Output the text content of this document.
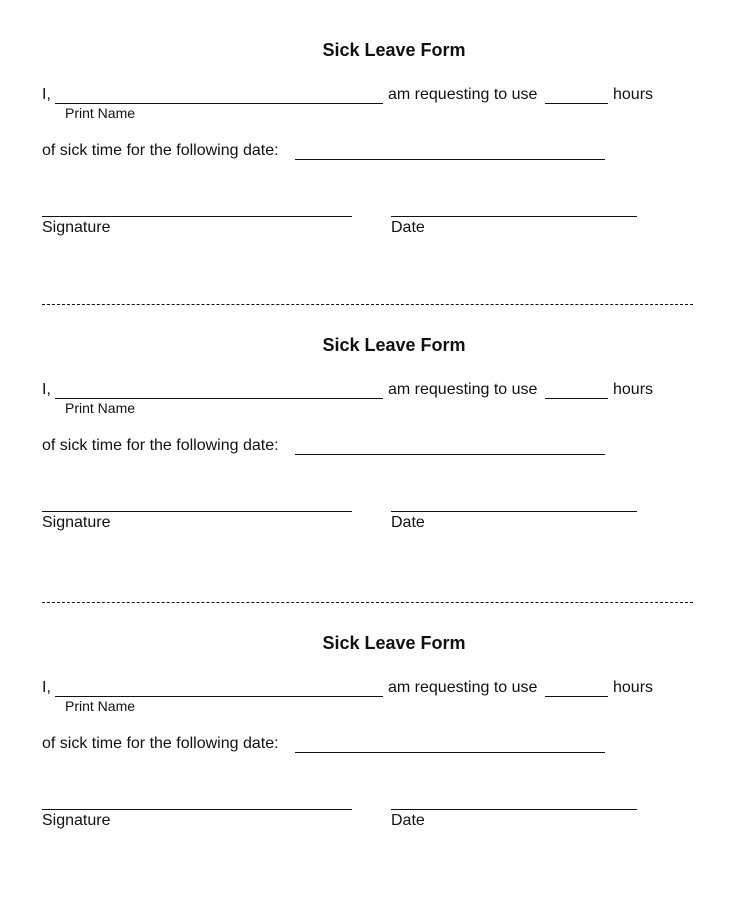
Sick Leave Form
I,	am requesting to use	hours
Print Name
of sick time for the following date:
Signature	Date
Sick Leave Form
I,	am requesting to use	hours
Print Name
of sick time for the following date:
Signature	Date
Sick Leave Form
I,	am requesting to use	hours
Print Name
of sick time for the following date:
Signature	Date
